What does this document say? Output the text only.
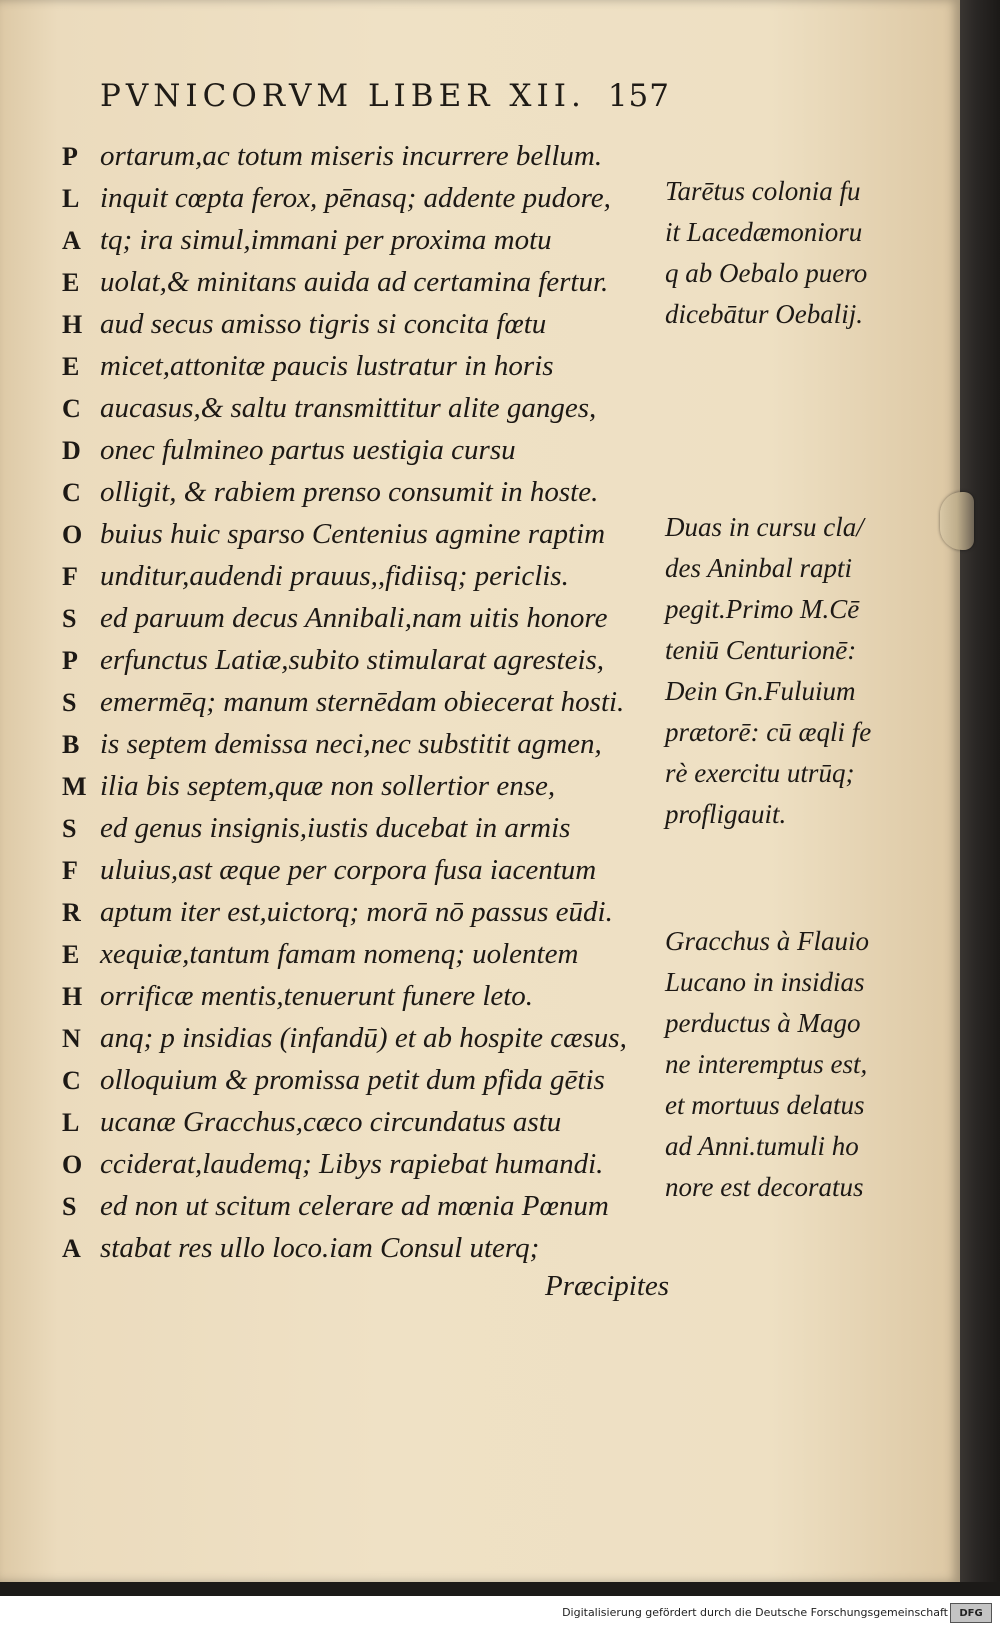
PVNICORVM LIBER XII. 157
P ortarum,ac totum miseris incurrere bellum.
L inquit cœpta ferox, pēnasq; addente pudore,
A tq; ira simul,immani per proxima motu
E uolat,& minitans auida ad certamina fertur.
H aud secus amisso tigris si concita fœtu
E micet,attonitæ paucis lustratur in horis
C aucasus,& saltu transmittitur alite ganges,
D onec fulmineo partus uestigia cursu
C olligit, & rabiem prenso consumit in hoste.
O buius huic sparso Centenius agmine raptim
F unditur,audendi prauus,,fidiisq; periclis.
S ed paruum decus Annibali,nam uitis honore
P erfunctus Latiæ,subito stimularat agresteis,
S emermēq; manum sternēdam obiecerat hosti.
B is septem demissa neci,nec substitit agmen,
M ilia bis septem,quæ non sollertior ense,
S ed genus insignis,iustis ducebat in armis
F uluius,ast æque per corpora fusa iacentum
R aptum iter est,uictorq; morā nō passus eūdi.
E xequiæ,tantum famam nomenq; uolentem
H orrificæ mentis,tenuerunt funere leto.
N anq; p insidias (infandū) et ab hospite cæsus,
C olloquium & promissa petit dum pfida gētis
L ucanæ Gracchus,cæco circundatus astu
O cciderat,laudemq; Libys rapiebat humandi.
S ed non ut scitum celerare ad mœnia Pœnum
A stabat res ullo loco.iam Consul uterq;
Præcipites
Tarētus colonia fu
it Lacedæmonioru
q ab Oebalo puero
dicebātur Oebalij.
Duas in cursu cla/
des Aninbal rapti
pegit.Primo M.Cē
teniū Centurionē:
Dein Gn.Fuluium
prætorē: cū æqli fe
rè exercitu utrūq;
profligauit.
Gracchus à Flauio
Lucano in insidias
perductus à Mago
ne interemptus est,
et mortuus delatus
ad Anni.tumuli ho
nore est decoratus
Digitalisierung gefördert durch die Deutsche Forschungsgemeinschaft	DFG
